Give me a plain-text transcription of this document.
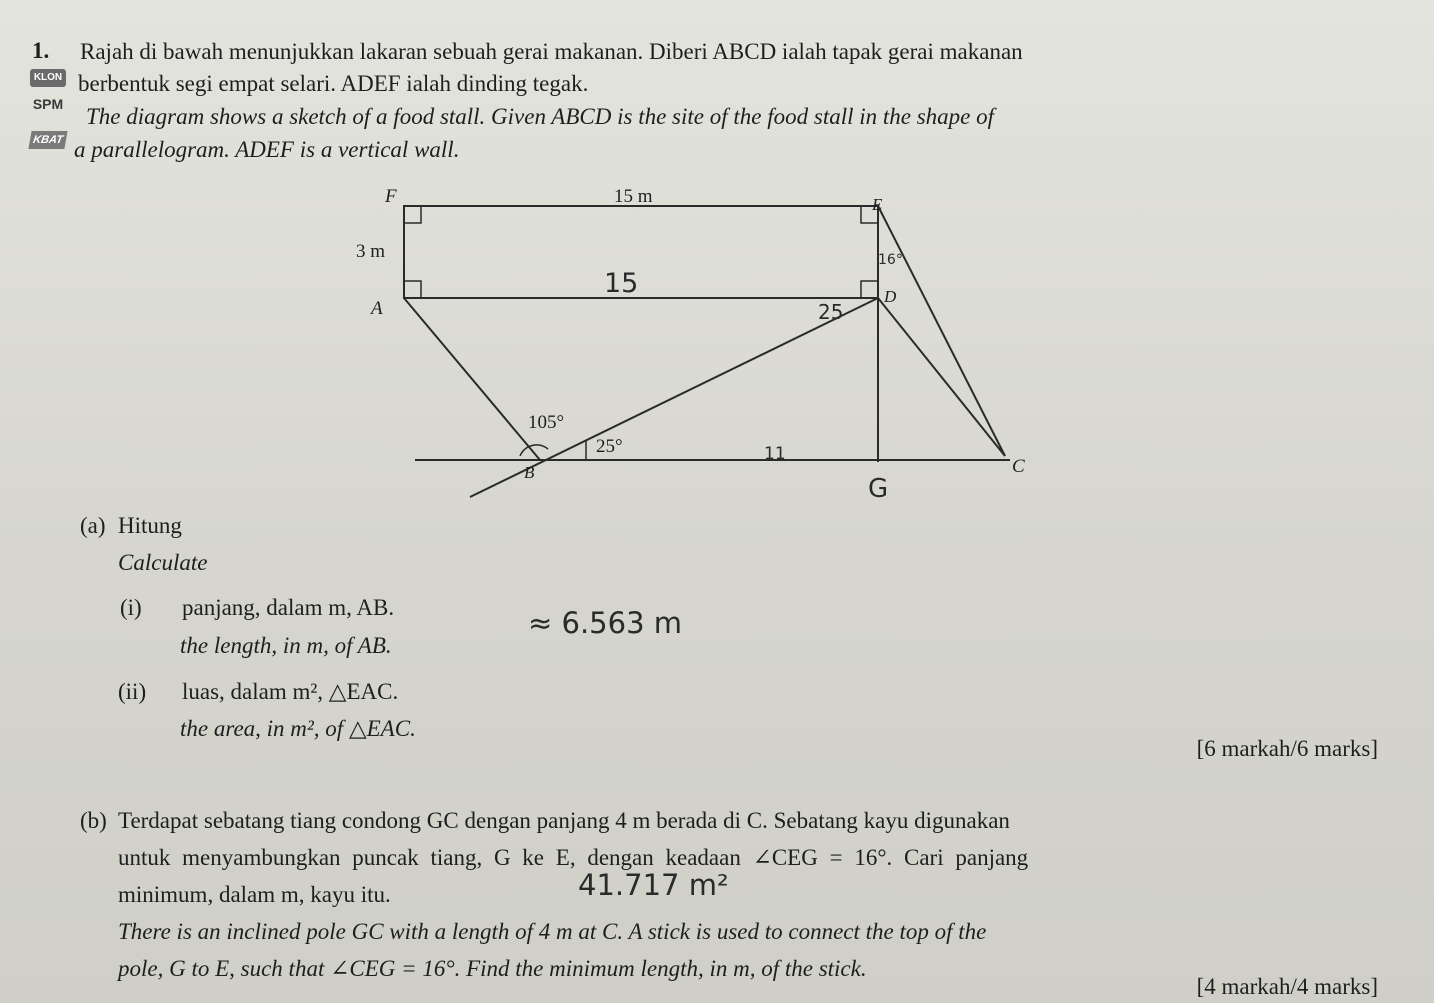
1.
KLON
SPM
KBAT
Rajah di bawah menunjukkan lakaran sebuah gerai makanan. Diberi ABCD ialah tapak gerai makanan
berbentuk segi empat selari. ADEF ialah dinding tegak.
The diagram shows a sketch of a food stall. Given ABCD is the site of the food stall in the shape of
a parallelogram. ADEF is a vertical wall.
F	E
A
D
B	C
15 m
3 m
105°
25°
15
25
16°
11
G
(a) Hitung
Calculate
(i) panjang, dalam m, AB.
the length, in m, of AB.
≈ 6.563 m
(ii) luas, dalam m², △EAC.
the area, in m², of △EAC.
[6 markah/6 marks]
(b) Terdapat sebatang tiang condong GC dengan panjang 4 m berada di C. Sebatang kayu digunakan
untuk menyambungkan puncak tiang, G ke E, dengan keadaan ∠CEG = 16°. Cari panjang
minimum, dalam m, kayu itu.	41.717 m²
There is an inclined pole GC with a length of 4 m at C. A stick is used to connect the top of the
pole, G to E, such that ∠CEG = 16°. Find the minimum length, in m, of the stick.
[4 markah/4 marks]
